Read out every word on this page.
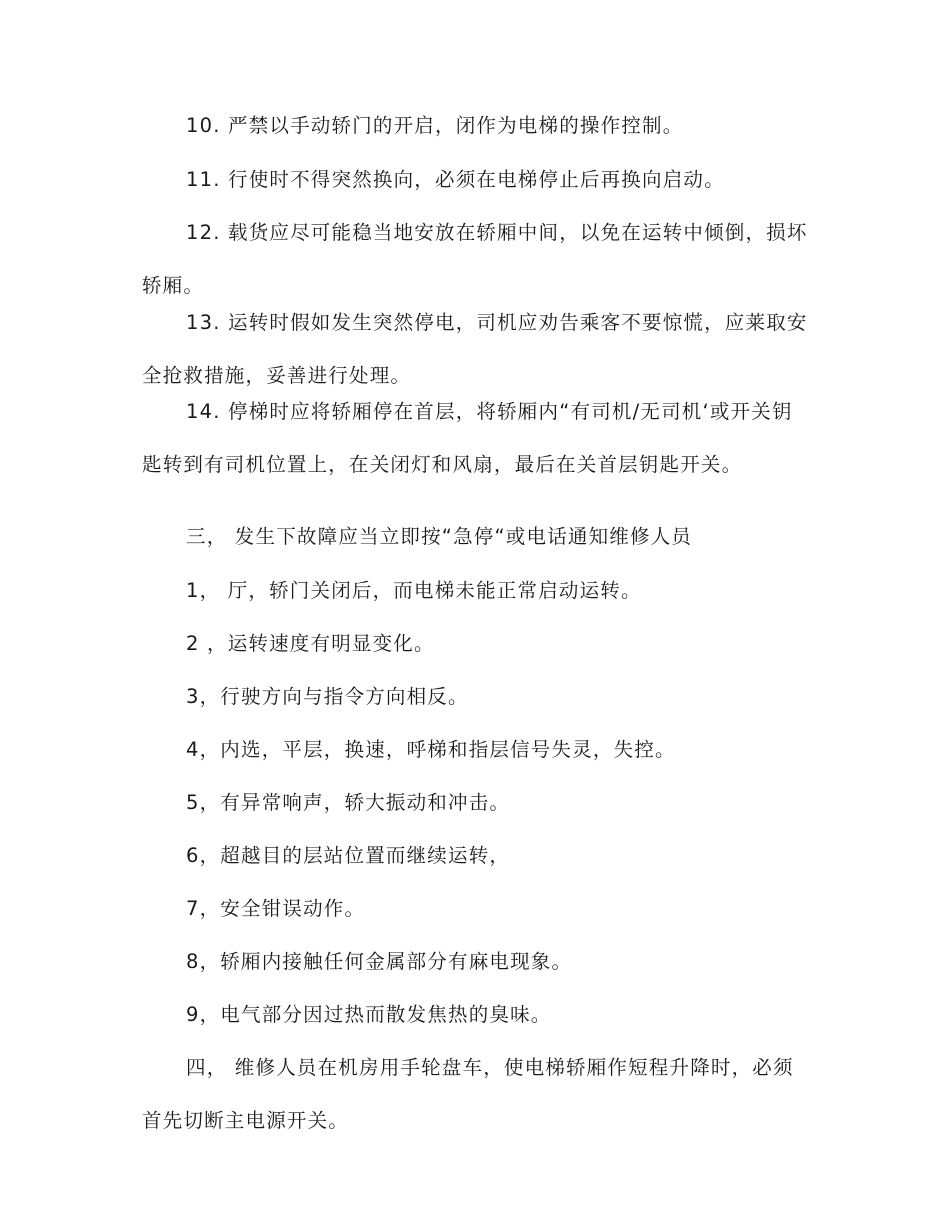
10. 严禁以手动轿门的开启，闭作为电梯的操作控制。

11. 行使时不得突然换向，必须在电梯停止后再换向启动。

12. 载货应尽可能稳当地安放在轿厢中间，以免在运转中倾倒，损坏轿厢。

13. 运转时假如发生突然停电，司机应劝告乘客不要惊慌，应莱取安全抢救措施，妥善进行处理。

14. 停梯时应将轿厢停在首层，将轿厢内“有司机/无司机‘或开关钥匙转到有司机位置上，在关闭灯和风扇，最后在关首层钥匙开关。

三， 发生下故障应当立即按“急停“或电话通知维修人员

1， 厅，轿门关闭后，而电梯未能正常启动运转。

2 ，运转速度有明显变化。

3，行驶方向与指令方向相反。

4，内选，平层，换速，呼梯和指层信号失灵，失控。

5，有异常响声，轿大振动和冲击。

6，超越目的层站位置而继续运转，

7，安全钳误动作。

8，轿厢内接触任何金属部分有麻电现象。

9，电气部分因过热而散发焦热的臭味。

四， 维修人员在机房用手轮盘车，使电梯轿厢作短程升降时，必须首先切断主电源开关。
